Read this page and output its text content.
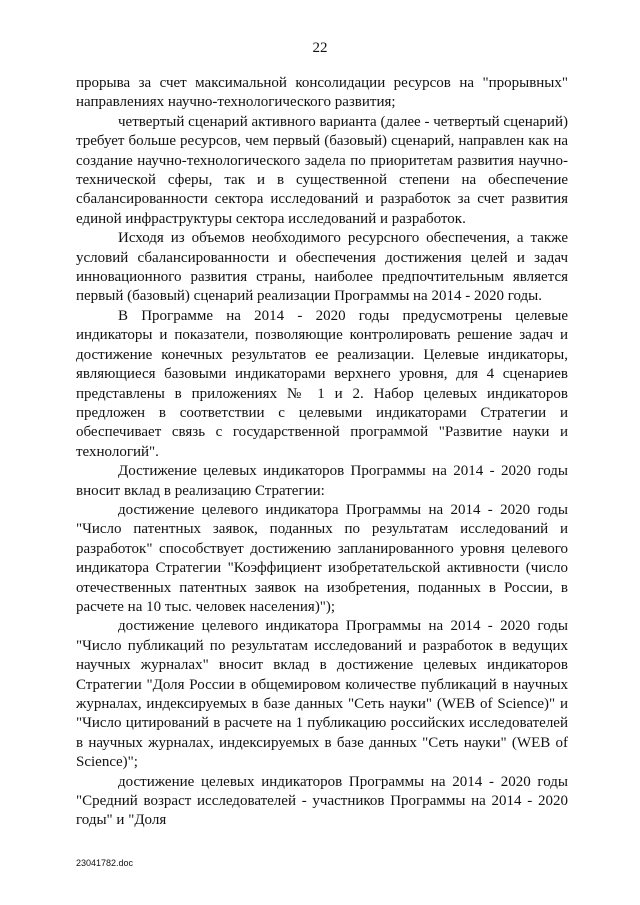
22

прорыва за счет максимальной консолидации ресурсов на "прорывных" направлениях научно-технологического развития;

четвертый сценарий активного варианта (далее - четвертый сценарий) требует больше ресурсов, чем первый (базовый) сценарий, направлен как на создание научно-технологического задела по приоритетам развития научно-технической сферы, так и в существенной степени на обеспечение сбалансированности сектора исследований и разработок за счет развития единой инфраструктуры сектора исследований и разработок.

Исходя из объемов необходимого ресурсного обеспечения, а также условий сбалансированности и обеспечения достижения целей и задач инновационного развития страны, наиболее предпочтительным является первый (базовый) сценарий реализации Программы на 2014 - 2020 годы.

В Программе на 2014 - 2020 годы предусмотрены целевые индикаторы и показатели, позволяющие контролировать решение задач и достижение конечных результатов ее реализации. Целевые индикаторы, являющиеся базовыми индикаторами верхнего уровня, для 4 сценариев представлены в приложениях № 1 и 2. Набор целевых индикаторов предложен в соответствии с целевыми индикаторами Стратегии и обеспечивает связь с государственной программой "Развитие науки и технологий".

Достижение целевых индикаторов Программы на 2014 - 2020 годы вносит вклад в реализацию Стратегии:

достижение целевого индикатора Программы на 2014 - 2020 годы "Число патентных заявок, поданных по результатам исследований и разработок" способствует достижению запланированного уровня целевого индикатора Стратегии "Коэффициент изобретательской активности (число отечественных патентных заявок на изобретения, поданных в России, в расчете на 10 тыс. человек населения)");

достижение целевого индикатора Программы на 2014 - 2020 годы "Число публикаций по результатам исследований и разработок в ведущих научных журналах" вносит вклад в достижение целевых индикаторов Стратегии "Доля России в общемировом количестве публикаций в научных журналах, индексируемых в базе данных "Сеть науки" (WEB of Science)" и "Число цитирований в расчете на 1 публикацию российских исследователей в научных журналах, индексируемых в базе данных "Сеть науки" (WEB of Science)";

достижение целевых индикаторов Программы на 2014 - 2020 годы "Средний возраст исследователей - участников Программы на 2014 - 2020 годы" и "Доля

23041782.doc
